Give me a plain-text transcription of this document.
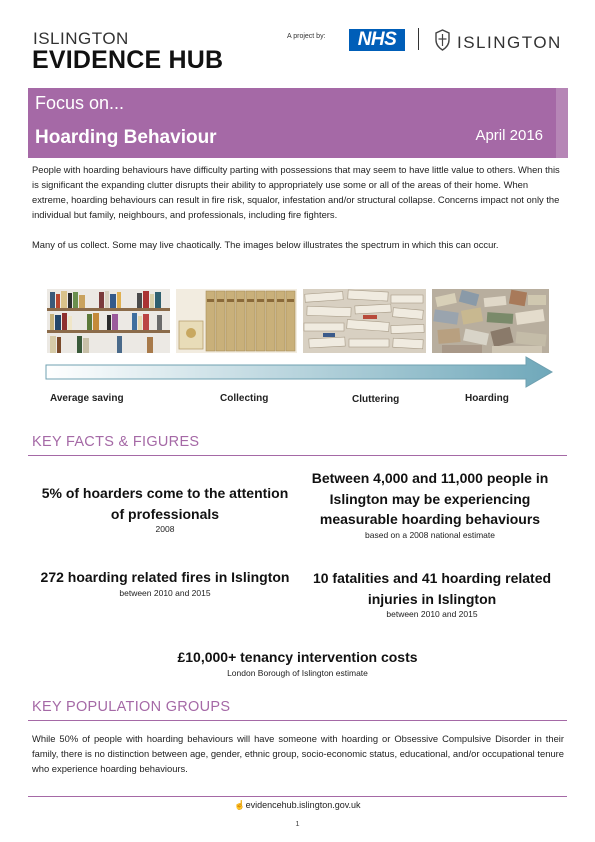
ISLINGTON
EVIDENCE HUB
A project by:	NHS	ISLINGTON
Focus on...
Hoarding Behaviour	April 2016

People with hoarding behaviours have difficulty parting with possessions that may seem to have little value to others. When this is significant the expanding clutter disrupts their ability to appropriately use some or all of the areas of their home. When extreme, hoarding behaviours can result in fire risk, squalor, infestation and/or structural collapse. Concerns impact not only the individual but family, neighbours, and professionals, including fire fighters.

Many of us collect. Some may live chaotically. The images below illustrates the spectrum in which this can occur.

Average saving	Collecting	Cluttering	Hoarding
KEY FACTS & FIGURES
5% of hoarders come to the attention of professionals
2008
Between 4,000 and 11,000 people in Islington may be experiencing measurable hoarding behaviours
based on a 2008 national estimate
272 hoarding related fires in Islington
between 2010 and 2015
10 fatalities and 41 hoarding related injuries in Islington
between 2010 and 2015
£10,000+ tenancy intervention costs
London Borough of Islington estimate
KEY POPULATION GROUPS
While 50% of people with hoarding behaviours will have someone with hoarding or Obsessive Compulsive Disorder in their family, there is no distinction between age, gender, ethnic group, socio-economic status, educational, and/or occupational tenure who experience hoarding behaviours.
☝evidencehub.islington.gov.uk
1
